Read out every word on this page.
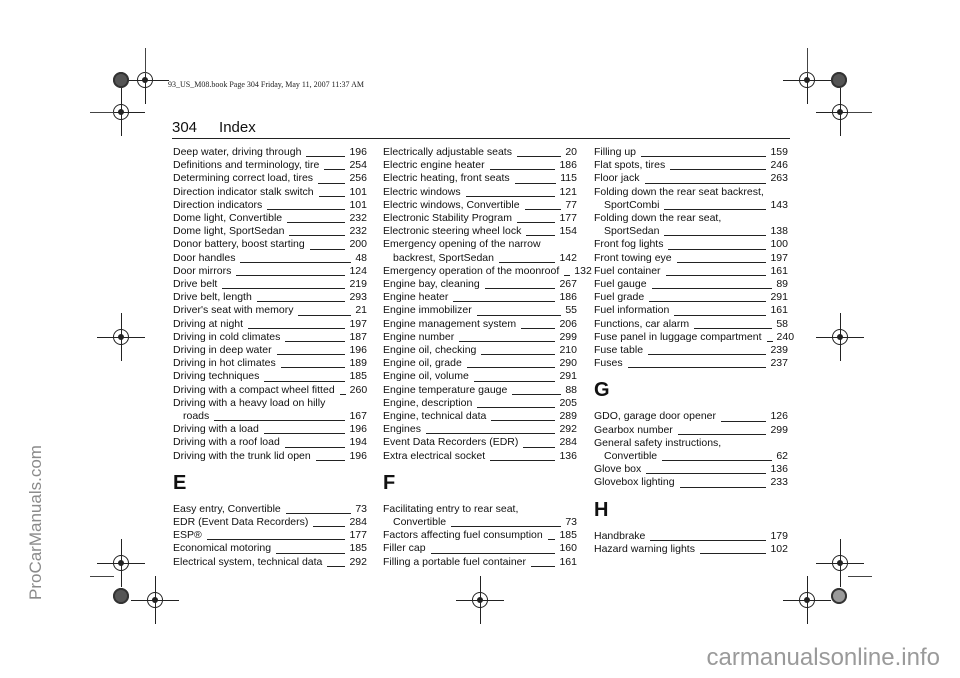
93_US_M08.book Page 304 Friday, May 11, 2007 11:37 AM
304 Index
Deep water, driving through	196
Definitions and terminology, tire	254
Determining correct load, tires	256
Direction indicator stalk switch	101
Direction indicators	101
Dome light, Convertible	232
Dome light, SportSedan	232
Donor battery, boost starting	200
Door handles	48
Door mirrors	124
Drive belt	219
Drive belt, length	293
Driver's seat with memory	21
Driving at night	197
Driving in cold climates	187
Driving in deep water	196
Driving in hot climates	189
Driving techniques	185
Driving with a compact wheel fitted 260
Driving with a heavy load on hilly
roads	167
Driving with a load	196
Driving with a roof load	194
Driving with the trunk lid open	196
E
Easy entry, Convertible	73
EDR (Event Data Recorders)	284
ESP®	177
Economical motoring	185
Electrical system, technical data	292
Electrically adjustable seats	20
Electric engine heater	186
Electric heating, front seats	115
Electric windows	121
Electric windows, Convertible	77
Electronic Stability Program	177
Electronic steering wheel lock	154
Emergency opening of the narrow
backrest, SportSedan	142
Emergency operation of the moonroof 132
Engine bay, cleaning	267
Engine heater	186
Engine immobilizer	55
Engine management system	206
Engine number	299
Engine oil, checking	210
Engine oil, grade	290
Engine oil, volume	291
Engine temperature gauge	88
Engine, description	205
Engine, technical data	289
Engines	292
Event Data Recorders (EDR)	284
Extra electrical socket	136
F
Facilitating entry to rear seat,
Convertible	73
Factors affecting fuel consumption 185
Filler cap	160
Filling a portable fuel container	161
Filling up	159
Flat spots, tires	246
Floor jack	263
Folding down the rear seat backrest,
SportCombi	143
Folding down the rear seat,
SportSedan	138
Front fog lights	100
Front towing eye	197
Fuel container	161
Fuel gauge	89
Fuel grade	291
Fuel information	161
Functions, car alarm	58
Fuse panel in luggage compartment 240
Fuse table	239
Fuses	237
G
GDO, garage door opener	126
Gearbox number	299
General safety instructions,
Convertible	62
Glove box	136
Glovebox lighting	233
H
Handbrake	179
Hazard warning lights	102
ProCarManuals.com
carmanualsonline.info
